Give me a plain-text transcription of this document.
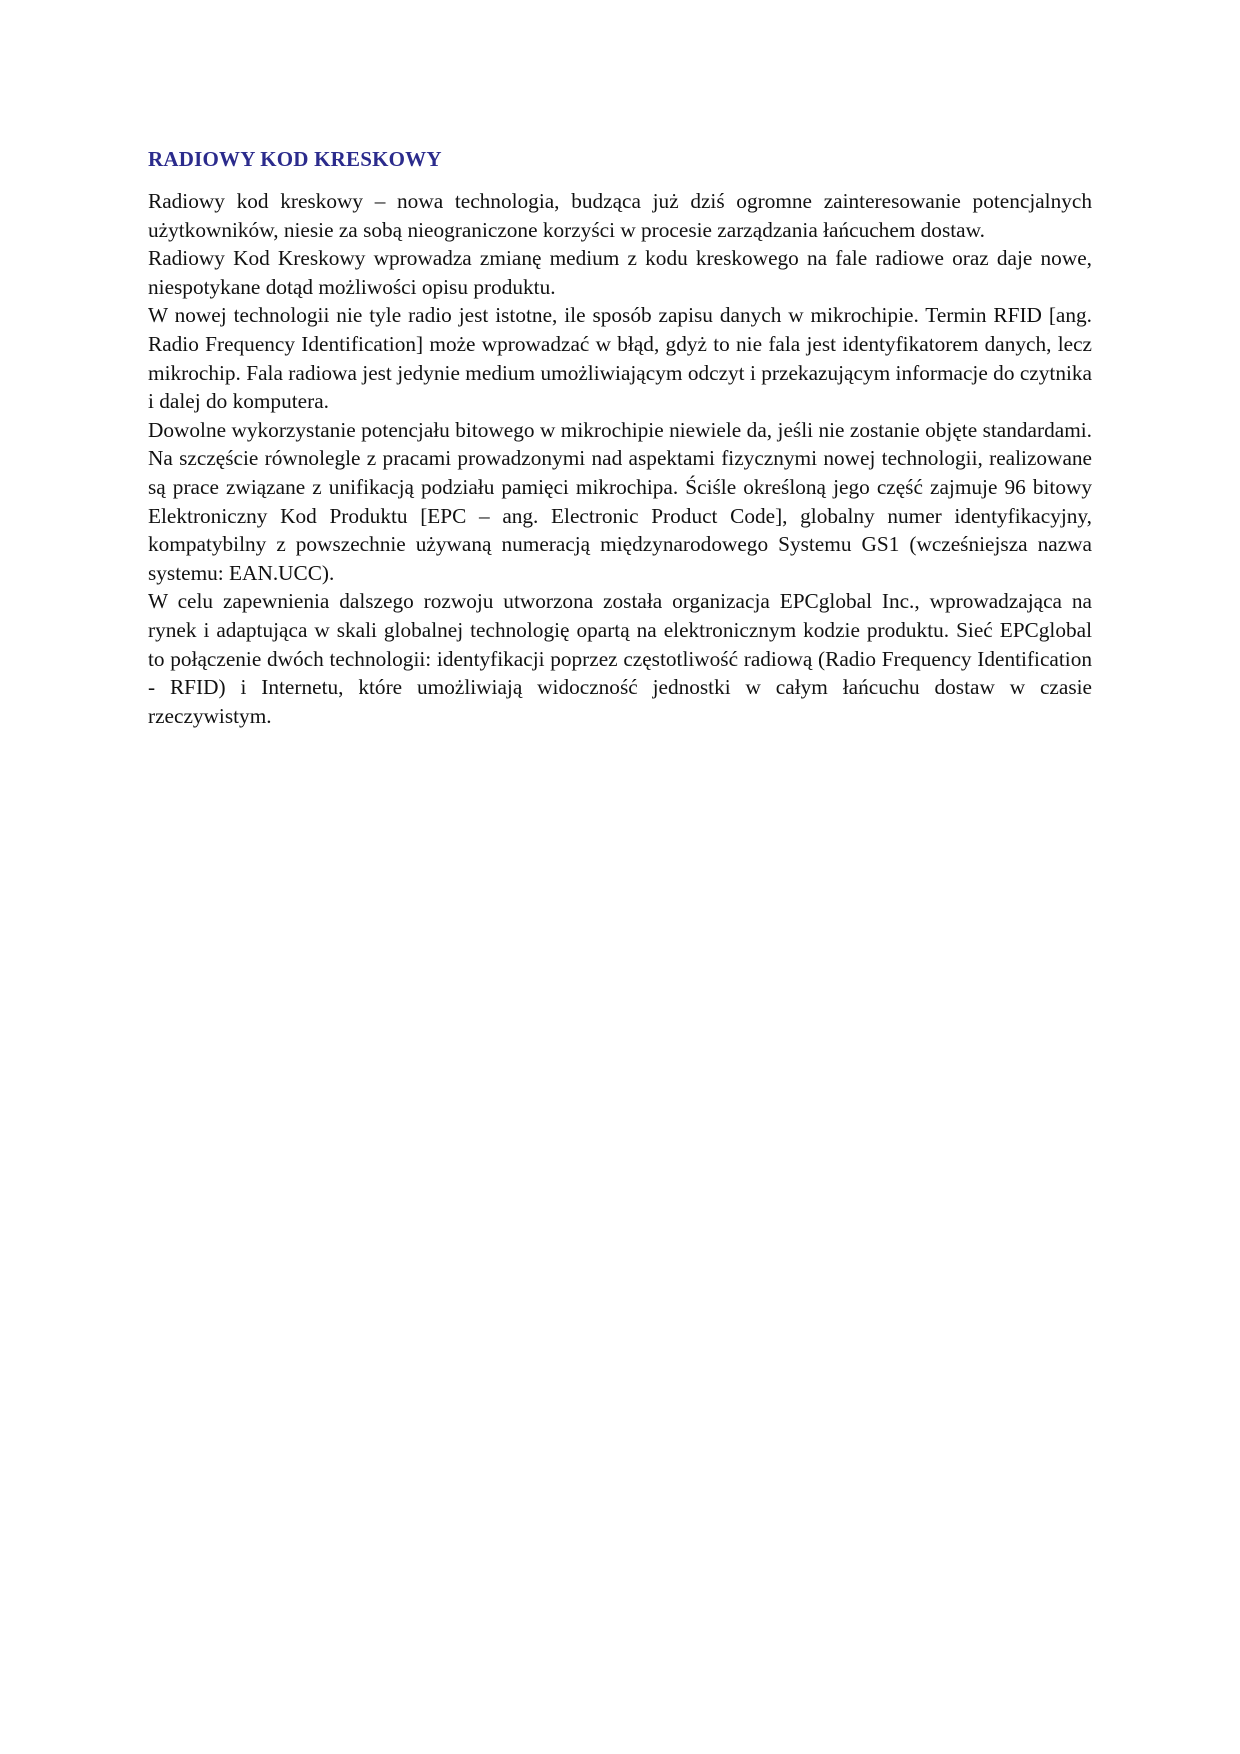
RADIOWY KOD KRESKOWY

Radiowy kod kreskowy – nowa technologia, budząca już dziś ogromne zainteresowanie potencjalnych użytkowników, niesie za sobą nieograniczone korzyści w procesie zarządzania łańcuchem dostaw.

Radiowy Kod Kreskowy wprowadza zmianę medium z kodu kreskowego na fale radiowe oraz daje nowe, niespotykane dotąd możliwości opisu produktu.

W nowej technologii nie tyle radio jest istotne, ile sposób zapisu danych w mikrochipie. Termin RFID [ang. Radio Frequency Identification] może wprowadzać w błąd, gdyż to nie fala jest identyfikatorem danych, lecz mikrochip. Fala radiowa jest jedynie medium umożliwiającym odczyt i przekazującym informacje do czytnika i dalej do komputera.

Dowolne wykorzystanie potencjału bitowego w mikrochipie niewiele da, jeśli nie zostanie objęte standardami. Na szczęście równolegle z pracami prowadzonymi nad aspektami fizycznymi nowej technologii, realizowane są prace związane z unifikacją podziału pamięci mikrochipa. Ściśle określoną jego część zajmuje 96 bitowy Elektroniczny Kod Produktu [EPC – ang. Electronic Product Code], globalny numer identyfikacyjny, kompatybilny z powszechnie używaną numeracją międzynarodowego Systemu GS1 (wcześniejsza nazwa systemu: EAN.UCC).

W celu zapewnienia dalszego rozwoju utworzona została organizacja EPCglobal Inc., wprowadzająca na rynek i adaptująca w skali globalnej technologię opartą na elektronicznym kodzie produktu. Sieć EPCglobal to połączenie dwóch technologii: identyfikacji poprzez częstotliwość radiową (Radio Frequency Identification - RFID) i Internetu, które umożliwiają widoczność jednostki w całym łańcuchu dostaw w czasie rzeczywistym.
